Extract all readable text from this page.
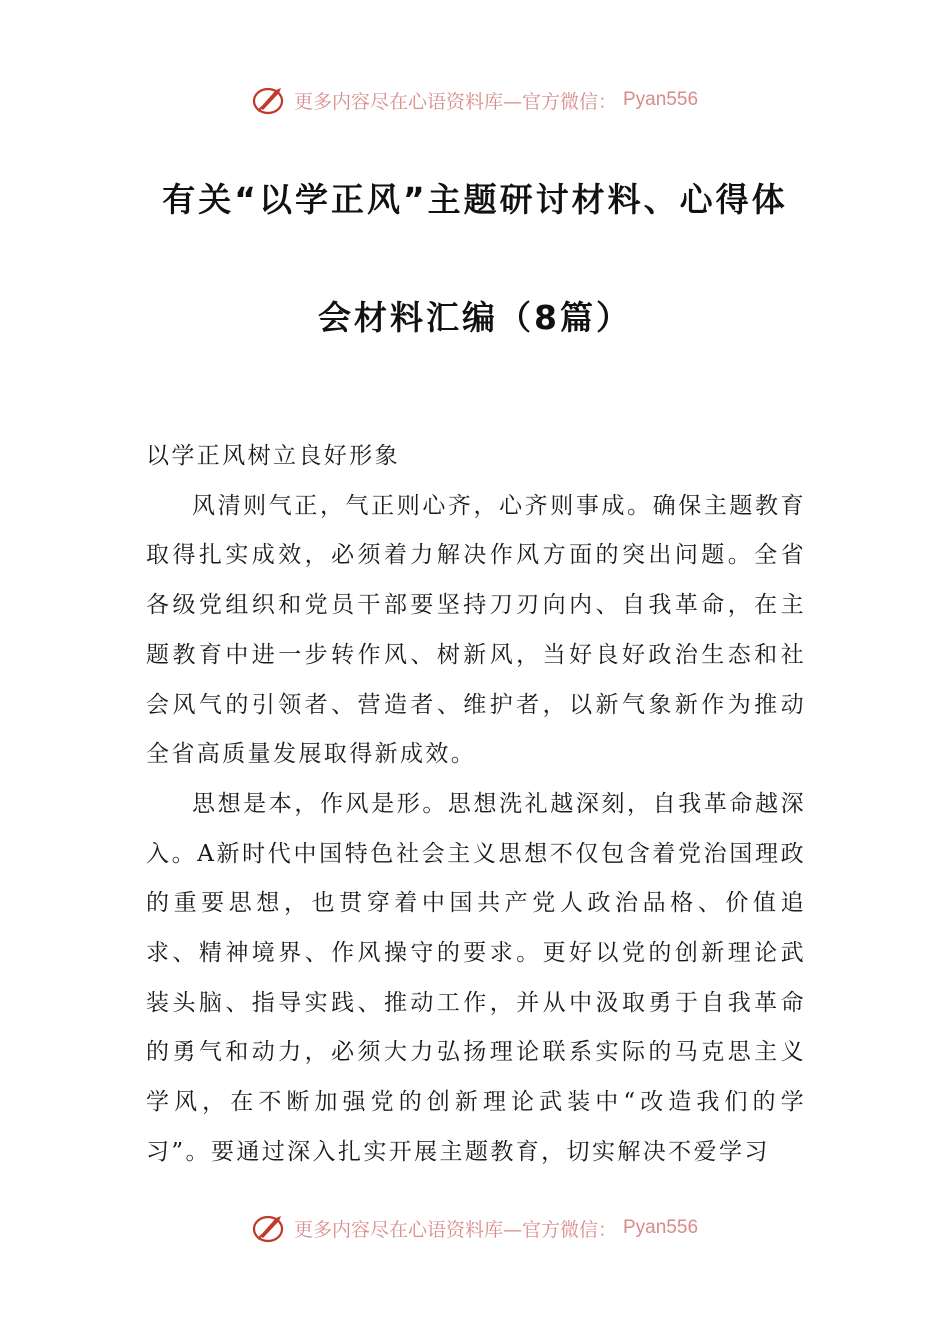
更多内容尽在心语资料库—官方微信： Pyan556
有关“以学正风”主题研讨材料、心得体
会材料汇编（8篇）

以学正风树立良好形象

风清则气正，气正则心齐，心齐则事成。确保主题教育取得扎实成效，必须着力解决作风方面的突出问题。全省各级党组织和党员干部要坚持刀刃向内、自我革命，在主题教育中进一步转作风、树新风，当好良好政治生态和社会风气的引领者、营造者、维护者，以新气象新作为推动全省高质量发展取得新成效。

思想是本，作风是形。思想洗礼越深刻，自我革命越深入。A新时代中国特色社会主义思想不仅包含着党治国理政的重要思想，也贯穿着中国共产党人政治品格、价值追求、精神境界、作风操守的要求。更好以党的创新理论武装头脑、指导实践、推动工作，并从中汲取勇于自我革命的勇气和动力，必须大力弘扬理论联系实际的马克思主义学风，在不断加强党的创新理论武装中“改造我们的学习”。要通过深入扎实开展主题教育，切实解决不爱学习

更多内容尽在心语资料库—官方微信： Pyan556
